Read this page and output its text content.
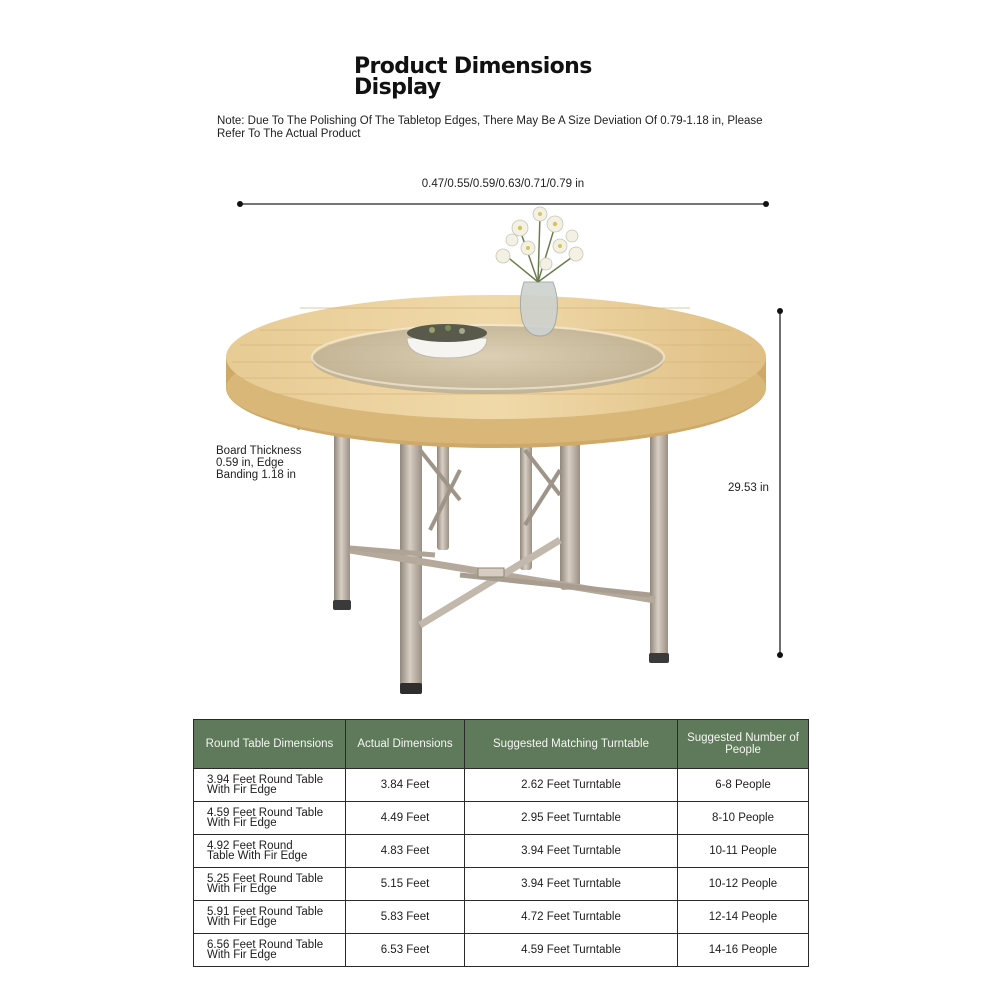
Product Dimensions
Display
Note: Due To The Polishing Of The Tabletop Edges, There May Be A Size Deviation Of 0.79-1.18 in, Please
Refer To The Actual Product
0.47/0.55/0.59/0.63/0.71/0.79 in
Board Thickness
0.59 in, Edge
Banding 1.18 in
29.53 in
Round Table Dimensions	Actual Dimensions	Suggested Matching Turntable	Suggested Number of People

3.94 Feet Round Table
With Fir Edge	3.84 Feet	2.62 Feet Turntable	6-8 People

4.59 Feet Round Table
With Fir Edge	4.49 Feet	2.95 Feet Turntable	8-10 People

4.92 Feet Round
Table With Fir Edge	4.83 Feet	3.94 Feet Turntable	10-11 People

5.25 Feet Round Table
With Fir Edge	5.15 Feet	3.94 Feet Turntable	10-12 People

5.91 Feet Round Table
With Fir Edge	5.83 Feet	4.72 Feet Turntable	12-14 People

6.56 Feet Round Table
With Fir Edge	6.53 Feet	4.59 Feet Turntable	14-16 People
